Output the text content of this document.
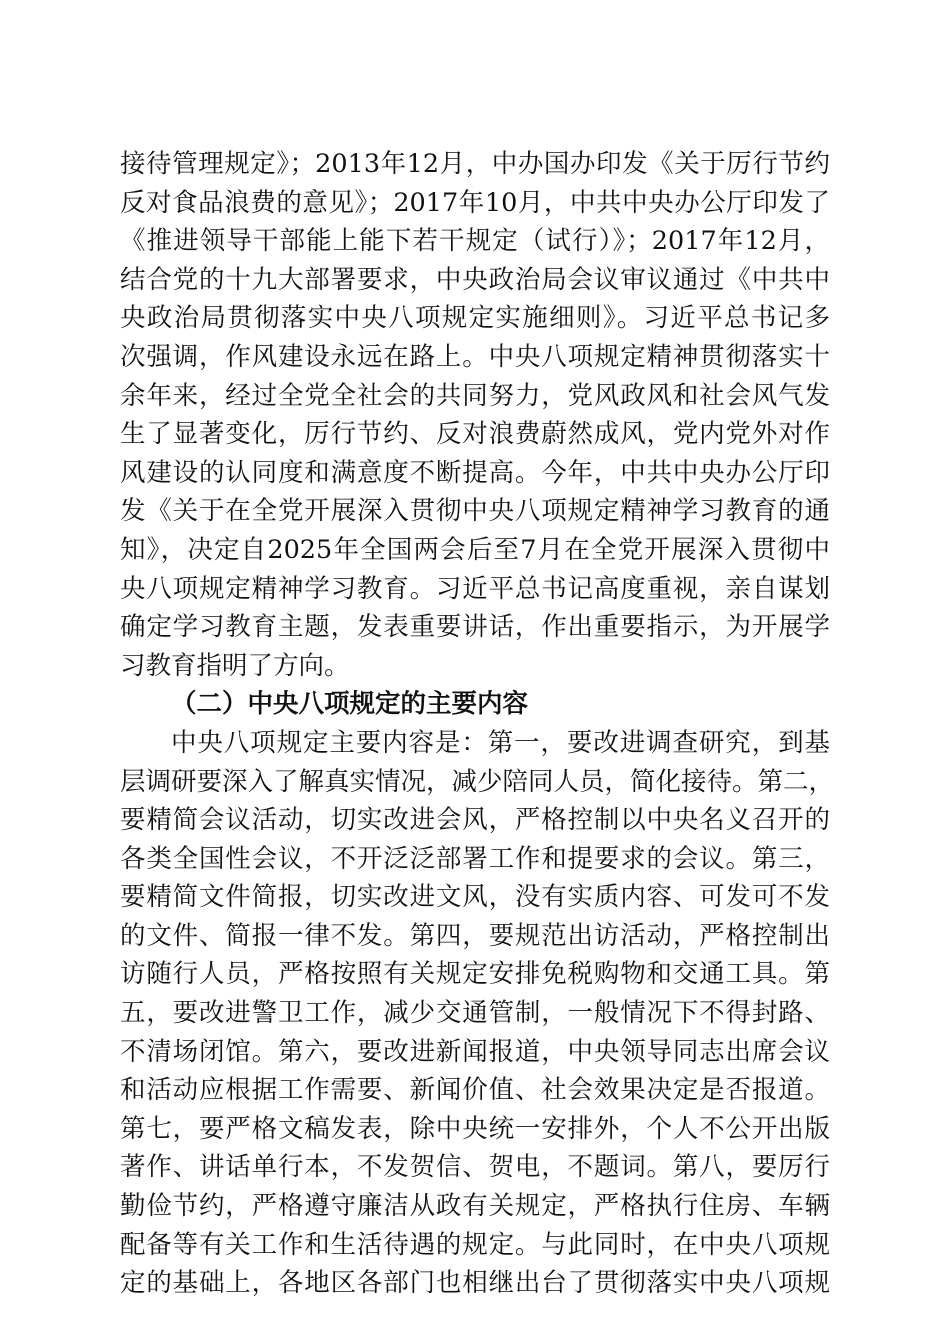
接待管理规定》；2013年12月，中办国办印发《关于厉行节约
反对食品浪费的意见》；2017年10月，中共中央办公厅印发了
《推进领导干部能上能下若干规定（试行）》；2017年12月，
结合党的十九大部署要求，中央政治局会议审议通过《中共中
央政治局贯彻落实中央八项规定实施细则》。习近平总书记多
次强调，作风建设永远在路上。中央八项规定精神贯彻落实十
余年来，经过全党全社会的共同努力，党风政风和社会风气发
生了显著变化，厉行节约、反对浪费蔚然成风，党内党外对作
风建设的认同度和满意度不断提高。今年，中共中央办公厅印
发《关于在全党开展深入贯彻中央八项规定精神学习教育的通
知》，决定自2025年全国两会后至7月在全党开展深入贯彻中
央八项规定精神学习教育。习近平总书记高度重视，亲自谋划
确定学习教育主题，发表重要讲话，作出重要指示，为开展学
习教育指明了方向。
（二）中央八项规定的主要内容
中央八项规定主要内容是：第一，要改进调查研究，到基
层调研要深入了解真实情况，减少陪同人员，简化接待。第二，
要精简会议活动，切实改进会风，严格控制以中央名义召开的
各类全国性会议，不开泛泛部署工作和提要求的会议。第三，
要精简文件简报，切实改进文风，没有实质内容、可发可不发
的文件、简报一律不发。第四，要规范出访活动，严格控制出
访随行人员，严格按照有关规定安排免税购物和交通工具。第
五，要改进警卫工作，减少交通管制，一般情况下不得封路、
不清场闭馆。第六，要改进新闻报道，中央领导同志出席会议
和活动应根据工作需要、新闻价值、社会效果决定是否报道。
第七，要严格文稿发表，除中央统一安排外，个人不公开出版
著作、讲话单行本，不发贺信、贺电，不题词。第八，要厉行
勤俭节约，严格遵守廉洁从政有关规定，严格执行住房、车辆
配备等有关工作和生活待遇的规定。与此同时，在中央八项规
定的基础上，各地区各部门也相继出台了贯彻落实中央八项规
